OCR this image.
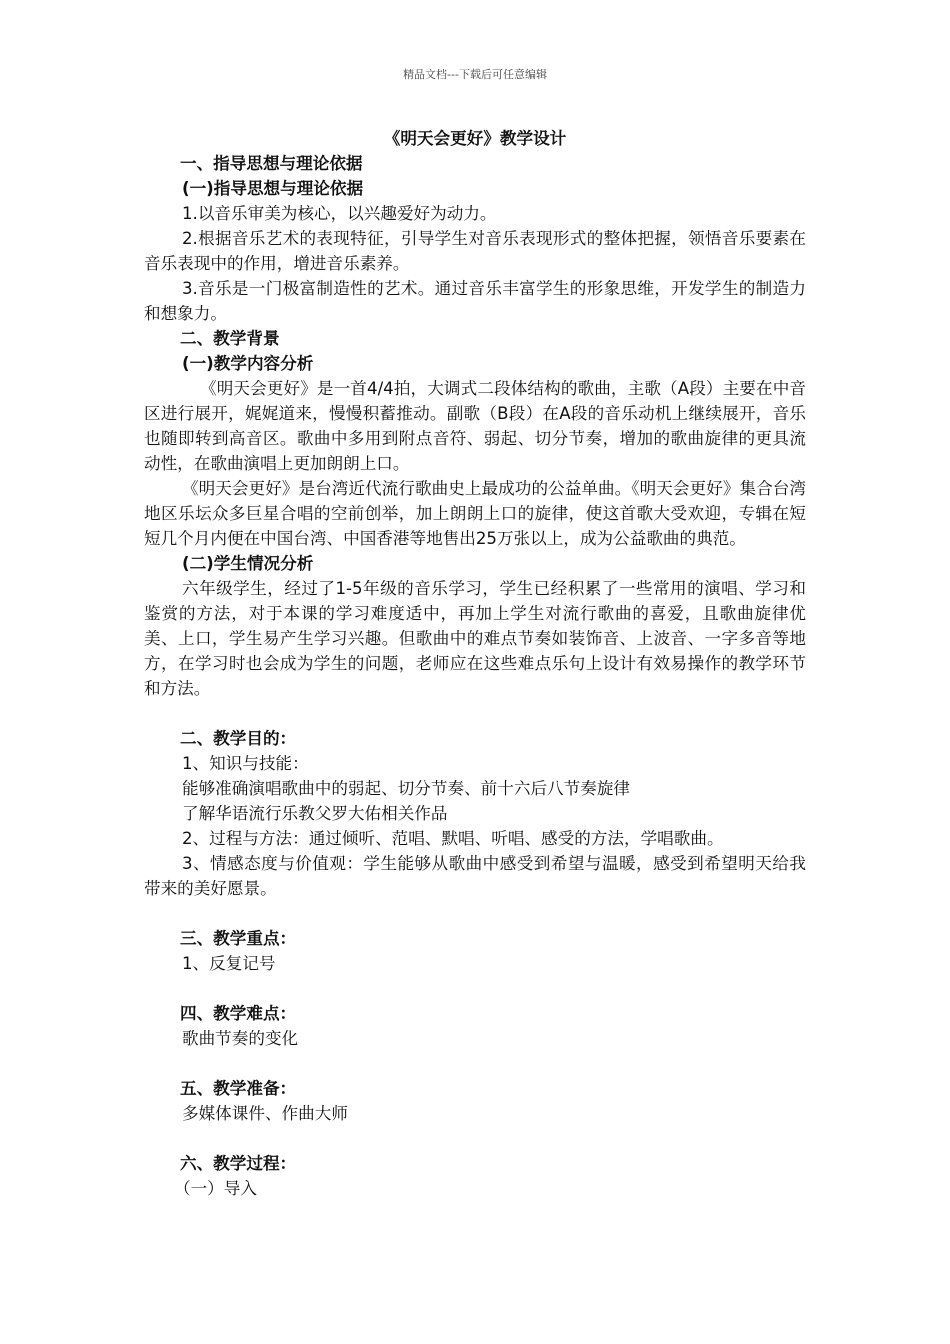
精品文档---下载后可任意编辑

《明天会更好》教学设计

一、指导思想与理论依据

(一)指导思想与理论依据

1.以音乐审美为核心，以兴趣爱好为动力。

2.根据音乐艺术的表现特征，引导学生对音乐表现形式的整体把握，领悟音乐要素在音乐表现中的作用，增进音乐素养。

3.音乐是一门极富制造性的艺术。通过音乐丰富学生的形象思维，开发学生的制造力和想象力。

二、教学背景

(一)教学内容分析

《明天会更好》是一首4/4拍，大调式二段体结构的歌曲，主歌（A段）主要在中音区进行展开，娓娓道来，慢慢积蓄推动。副歌（B段）在A段的音乐动机上继续展开，音乐也随即转到高音区。歌曲中多用到附点音符、弱起、切分节奏，增加的歌曲旋律的更具流动性，在歌曲演唱上更加朗朗上口。

《明天会更好》是台湾近代流行歌曲史上最成功的公益单曲。《明天会更好》集合台湾地区乐坛众多巨星合唱的空前创举，加上朗朗上口的旋律，使这首歌大受欢迎，专辑在短短几个月内便在中国台湾、中国香港等地售出25万张以上，成为公益歌曲的典范。

(二)学生情况分析

六年级学生，经过了1-5年级的音乐学习，学生已经积累了一些常用的演唱、学习和鉴赏的方法，对于本课的学习难度适中，再加上学生对流行歌曲的喜爱，且歌曲旋律优美、上口，学生易产生学习兴趣。但歌曲中的难点节奏如装饰音、上波音、一字多音等地方，在学习时也会成为学生的问题，老师应在这些难点乐句上设计有效易操作的教学环节和方法。

二、教学目的：

1、知识与技能：

能够准确演唱歌曲中的弱起、切分节奏、前十六后八节奏旋律

了解华语流行乐教父罗大佑相关作品

2、过程与方法：通过倾听、范唱、默唱、听唱、感受的方法，学唱歌曲。

3、情感态度与价值观：学生能够从歌曲中感受到希望与温暖，感受到希望明天给我带来的美好愿景。

三、教学重点：

1、反复记号

四、教学难点：

歌曲节奏的变化

五、教学准备：

多媒体课件、作曲大师

六、教学过程：

（一）导入
